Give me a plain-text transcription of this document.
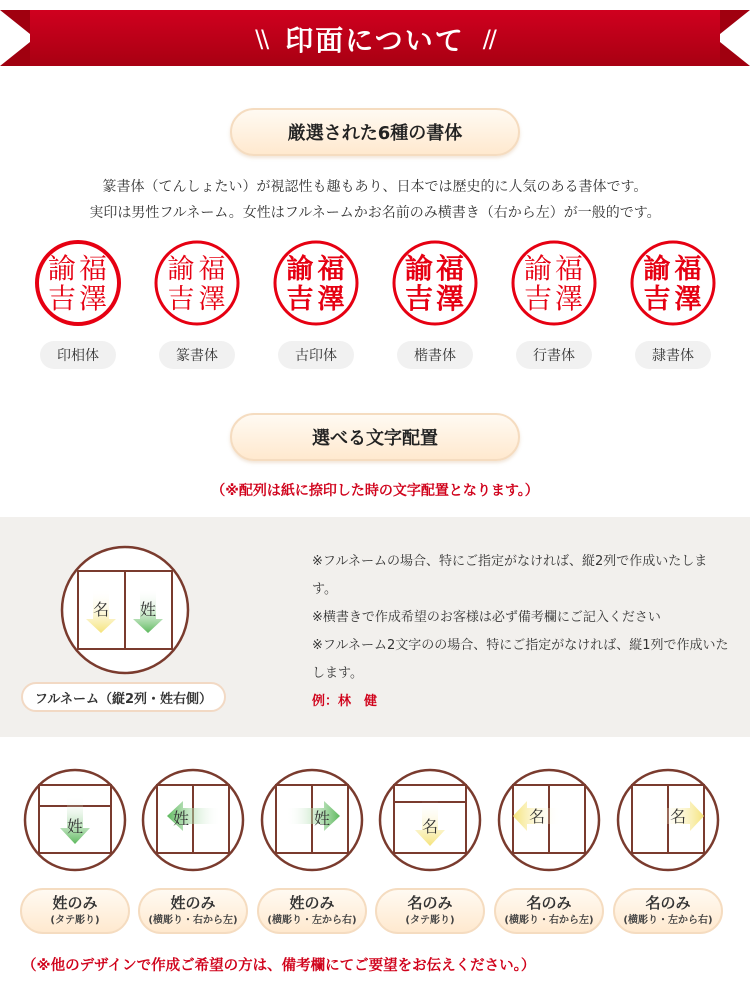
\\ 印面について //
厳選された6種の書体
篆書体（てんしょたい）が視認性も趣もあり、日本では歴史的に人気のある書体です。
実印は男性フルネーム。女性はフルネームかお名前のみ横書き（右から左）が一般的です。
福
澤
諭
吉
印相体
福
澤
諭
吉
篆書体
福
澤
諭
吉
古印体
福
澤
諭
吉
楷書体
福
澤
諭
吉
行書体
福
澤
諭
吉
隷書体
選べる文字配置
（※配列は紙に捺印した時の文字配置となります。）
名 姓
フルネーム（縦2列・姓右側）
※フルネームの場合、特にご指定がなければ、縦2列で作成いたします。
※横書きで作成希望のお客様は必ず備考欄にご記入ください
※フルネーム2文字のの場合、特にご指定がなければ、縦1列で作成いたします。
例：林　健
姓
姓のみ
(タテ彫り)
姓
姓のみ
(横彫り・右から左)
姓
姓のみ
(横彫り・左から右)
名
名のみ
(タテ彫り)
名
名のみ
(横彫り・右から左)
名
名のみ
(横彫り・左から右)
（※他のデザインで作成ご希望の方は、備考欄にてご要望をお伝えください。）
